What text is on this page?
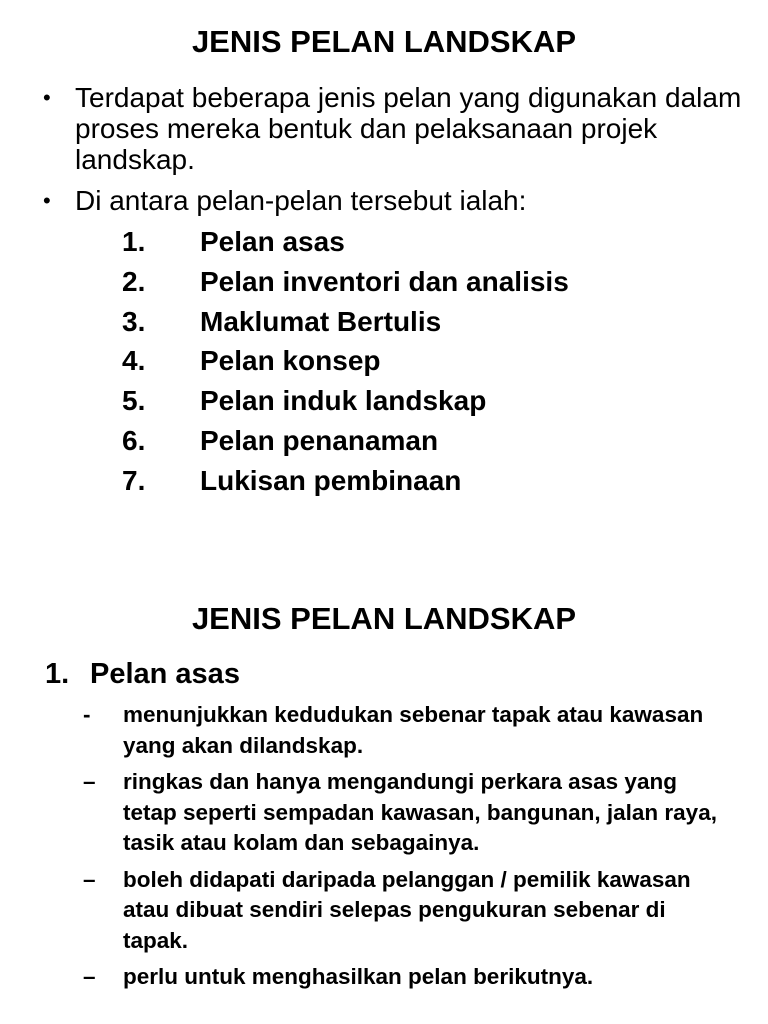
JENIS PELAN LANDSKAP
• Terdapat beberapa jenis pelan yang digunakan dalam proses mereka bentuk dan pelaksanaan projek landskap.
• Di antara pelan-pelan tersebut ialah:
1.	Pelan asas
2.	Pelan inventori dan analisis
3.	Maklumat Bertulis
4.	Pelan konsep
5.	Pelan induk landskap
6.	Pelan penanaman
7.	Lukisan pembinaan
JENIS PELAN LANDSKAP
1. Pelan asas
-	menunjukkan kedudukan sebenar tapak atau kawasan yang akan dilandskap.
–	ringkas dan hanya mengandungi perkara asas yang tetap seperti sempadan kawasan, bangunan, jalan raya, tasik atau kolam dan sebagainya.
–	boleh didapati daripada pelanggan / pemilik kawasan atau dibuat sendiri selepas pengukuran sebenar di tapak.
–	perlu untuk menghasilkan pelan berikutnya.
